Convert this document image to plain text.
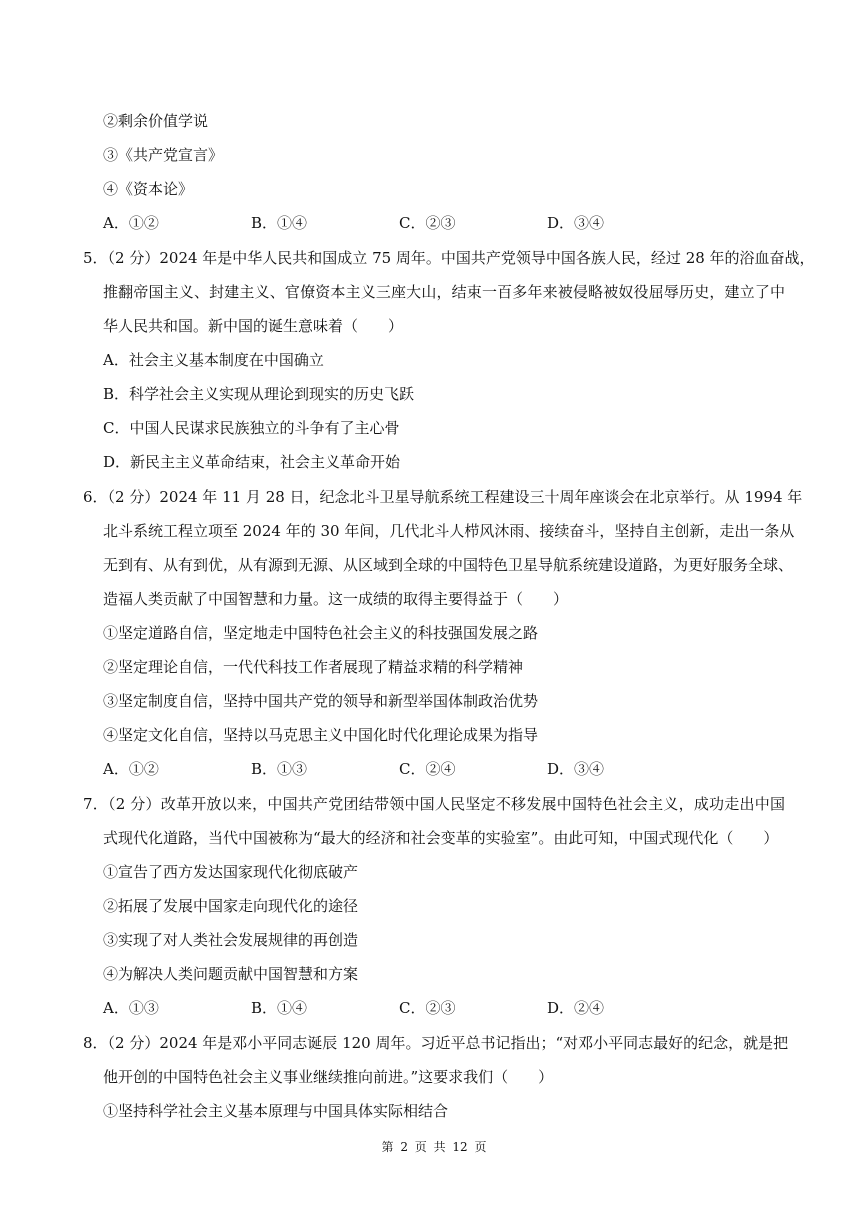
②剩余价值学说
③《共产党宣言》
④《资本论》
A．①②	B．①④	C．②③	D．③④
5．（2 分）2024 年是中华人民共和国成立 75 周年。中国共产党领导中国各族人民，经过 28 年的浴血奋战，
推翻帝国主义、封建主义、官僚资本主义三座大山，结束一百多年来被侵略被奴役屈辱历史，建立了中
华人民共和国。新中国的诞生意味着（　　）
A．社会主义基本制度在中国确立
B．科学社会主义实现从理论到现实的历史飞跃
C．中国人民谋求民族独立的斗争有了主心骨
D．新民主主义革命结束，社会主义革命开始
6．（2 分）2024 年 11 月 28 日，纪念北斗卫星导航系统工程建设三十周年座谈会在北京举行。从 1994 年
北斗系统工程立项至 2024 年的 30 年间，几代北斗人栉风沐雨、接续奋斗，坚持自主创新，走出一条从
无到有、从有到优，从有源到无源、从区域到全球的中国特色卫星导航系统建设道路，为更好服务全球、
造福人类贡献了中国智慧和力量。这一成绩的取得主要得益于（　　）
①坚定道路自信，坚定地走中国特色社会主义的科技强国发展之路
②坚定理论自信，一代代科技工作者展现了精益求精的科学精神
③坚定制度自信，坚持中国共产党的领导和新型举国体制政治优势
④坚定文化自信，坚持以马克思主义中国化时代化理论成果为指导
A．①②	B．①③	C．②④	D．③④
7．（2 分）改革开放以来，中国共产党团结带领中国人民坚定不移发展中国特色社会主义，成功走出中国
式现代化道路，当代中国被称为“最大的经济和社会变革的实验室”。由此可知，中国式现代化（　　）
①宣告了西方发达国家现代化彻底破产
②拓展了发展中国家走向现代化的途径
③实现了对人类社会发展规律的再创造
④为解决人类问题贡献中国智慧和方案
A．①③	B．①④	C．②③	D．②④
8．（2 分）2024 年是邓小平同志诞辰 120 周年。习近平总书记指出；“对邓小平同志最好的纪念，就是把
他开创的中国特色社会主义事业继续推向前进。”这要求我们（　　）
①坚持科学社会主义基本原理与中国具体实际相结合
第 2 页 共 12 页
